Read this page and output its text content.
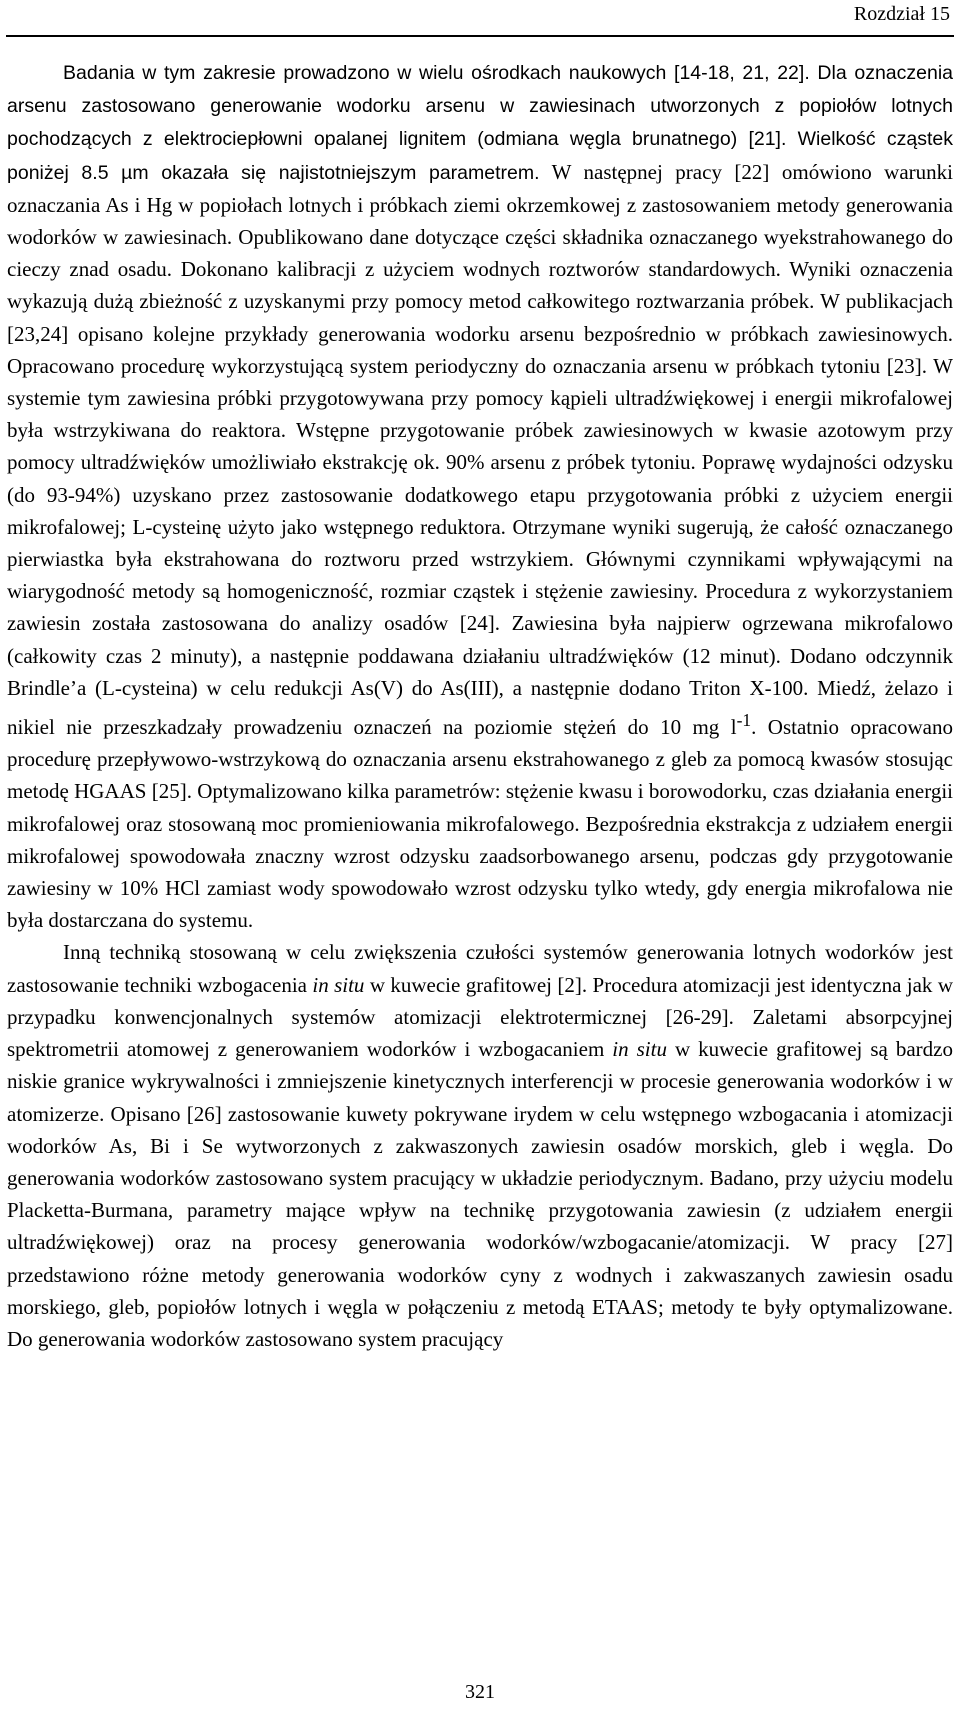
Rozdział 15

Badania w tym zakresie prowadzono w wielu ośrodkach naukowych [14-18, 21, 22]. Dla oznaczenia arsenu zastosowano generowanie wodorku arsenu w zawiesinach utworzonych z popiołów lotnych pochodzących z elektrociepłowni opalanej lignitem (odmiana węgla brunatnego) [21]. Wielkość cząstek poniżej 8.5 µm okazała się najistotniejszym parametrem. W następnej pracy [22] omówiono warunki oznaczania As i Hg w popiołach lotnych i próbkach ziemi okrzemkowej z zastosowaniem metody generowania wodorków w zawiesinach. Opublikowano dane dotyczące części składnika oznaczanego wyekstrahowanego do cieczy znad osadu. Dokonano kalibracji z użyciem wodnych roztworów standardowych. Wyniki oznaczenia wykazują dużą zbieżność z uzyskanymi przy pomocy metod całkowitego roztwarzania próbek. W publikacjach [23,24] opisano kolejne przykłady generowania wodorku arsenu bezpośrednio w próbkach zawiesinowych. Opracowano procedurę wykorzystującą system periodyczny do oznaczania arsenu w próbkach tytoniu [23]. W systemie tym zawiesina próbki przygotowywana przy pomocy kąpieli ultradźwiękowej i energii mikrofalowej była wstrzykiwana do reaktora. Wstępne przygotowanie próbek zawiesinowych w kwasie azotowym przy pomocy ultradźwięków umożliwiało ekstrakcję ok. 90% arsenu z próbek tytoniu. Poprawę wydajności odzysku (do 93-94%) uzyskano przez zastosowanie dodatkowego etapu przygotowania próbki z użyciem energii mikrofalowej; L-cysteinę użyto jako wstępnego reduktora. Otrzymane wyniki sugerują, że całość oznaczanego pierwiastka była ekstrahowana do roztworu przed wstrzykiem. Głównymi czynnikami wpływającymi na wiarygodność metody są homogeniczność, rozmiar cząstek i stężenie zawiesiny. Procedura z wykorzystaniem zawiesin została zastosowana do analizy osadów [24]. Zawiesina była najpierw ogrzewana mikrofalowo (całkowity czas 2 minuty), a następnie poddawana działaniu ultradźwięków (12 minut). Dodano odczynnik Brindle’a (L-cysteina) w celu redukcji As(V) do As(III), a następnie dodano Triton X-100. Miedź, żelazo i nikiel nie przeszkadzały prowadzeniu oznaczeń na poziomie stężeń do 10 mg $l^{-1}$. Ostatnio opracowano procedurę przepływowo-wstrzykową do oznaczania arsenu ekstrahowanego z gleb za pomocą kwasów stosując metodę HGAAS [25]. Optymalizowano kilka parametrów: stężenie kwasu i borowodorku, czas działania energii mikrofalowej oraz stosowaną moc promieniowania mikrofalowego. Bezpośrednia ekstrakcja z udziałem energii mikrofalowej spowodowała znaczny wzrost odzysku zaadsorbowanego arsenu, podczas gdy przygotowanie zawiesiny w 10% HCl zamiast wody spowodowało wzrost odzysku tylko wtedy, gdy energia mikrofalowa nie była dostarczana do systemu.

Inną techniką stosowaną w celu zwiększenia czułości systemów generowania lotnych wodorków jest zastosowanie techniki wzbogacenia in situ w kuwecie grafitowej [2]. Procedura atomizacji jest identyczna jak w przypadku konwencjonalnych systemów atomizacji elektrotermicznej [26-29]. Zaletami absorpcyjnej spektrometrii atomowej z generowaniem wodorków i wzbogacaniem in situ w kuwecie grafitowej są bardzo niskie granice wykrywalności i zmniejszenie kinetycznych interferencji w procesie generowania wodorków i w atomizerze. Opisano [26] zastosowanie kuwety pokrywane irydem w celu wstępnego wzbogacania i atomizacji wodorków As, Bi i Se wytworzonych z zakwaszonych zawiesin osadów morskich, gleb i węgla. Do generowania wodorków zastosowano system pracujący w układzie periodycznym. Badano, przy użyciu modelu Placketta-Burmana, parametry mające wpływ na technikę przygotowania zawiesin (z udziałem energii ultradźwiękowej) oraz na procesy generowania wodorków/wzbogacanie/atomizacji. W pracy [27] przedstawiono różne metody generowania wodorków cyny z wodnych i zakwaszanych zawiesin osadu morskiego, gleb, popiołów lotnych i węgla w połączeniu z metodą ETAAS; metody te były optymalizowane. Do generowania wodorków zastosowano system pracujący

321
